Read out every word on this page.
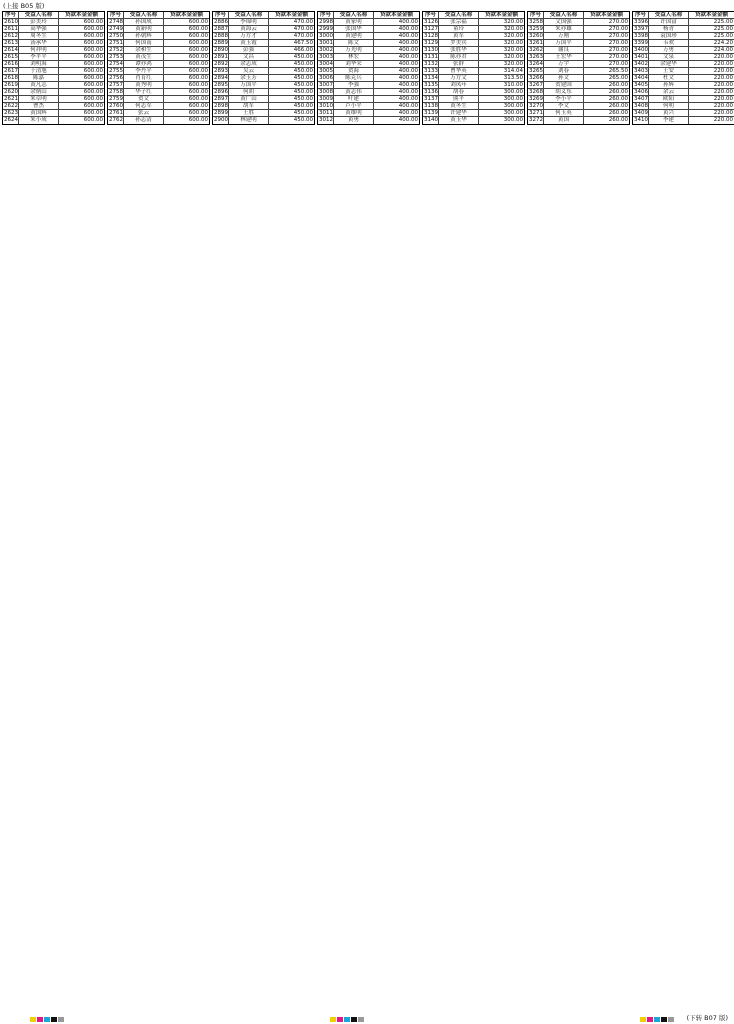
(上接 B05 版)
序号	受益人名称	贷款本金金额
2610	彭美玲	600.00
2611	高华强	600.00
2612	周冬生	600.00
2613	汤承华	600.00
2614	何祥明	600.00
2615	李平平	600.00
2616	刘明海	600.00
2617	于清旭	600.00
2618	陈嘉	600.00
2619	黄凡志	600.00
2620	余炳山	600.00
2621	朱卓明	600.00
2622	曹杰	600.00
2623	黄国辉	600.00
2624	朱小成	600.00
序号	受益人名称	贷款本金金额
2748	孙国成	600.00
2749	黄新明	600.00
2750	孙朝辉	600.00
2751	何国南	600.00
2752	余和生	600.00
2753	黄茂生	600.00
2754	谭亦鸿	600.00
2755	李丹平	600.00
2756	肖育红	600.00
2757	黄秀明	600.00
2758	华子红	600.00
2759	贺文	600.00
2760	何志军	600.00
2761	张云	600.00
2762	孙志清	600.00
序号	受益人名称	贷款本金金额
2886	李锦明	470.00
2887	黄海云	470.00
2888	万方才	470.00
2889	黄玉霞	467.50
2890	彭强	466.00
2891	文昌	450.00
2892	余志成	450.00
2893	吴云	450.00
2894	余玉芳	450.00
2895	万国平	450.00
2896	何胡	450.00
2897	黄广山	450.00
2898	胡军	450.00
2899	王胜	450.00
2900	林建明	450.00
序号	受益人名称	贷款本金金额
2998	黄家明	400.00
2999	张国华	400.00
3000	黄建明	400.00
3001	陈文	400.00
3002	万光明	400.00
3003	林宏	400.00
3004	刘华荣	400.00
3005	贺海	400.00
3006	陈克兵	400.00
3007	李强	400.00
3008	黄志伟	400.00
3009	叶建	400.00
3010	卢小平	400.00
3011	黄维明	400.00
3012	黄勇	400.00
序号	受益人名称	贷款本金金额
3126	张宗福	320.00
3127	童玲	320.00
3128	黄军	320.00
3129	罗美宾	320.00
3130	张胜华	320.00
3131	陈亦君	320.00
3132	张群	320.00
3133	曹华英	314.04
3134	万方文	313.50
3135	刘凤年	310.00
3136	胡春	300.00
3137	熊平	300.00
3138	黄冬生	300.00
3139	许建华	300.00
3140	黄玉华	300.00
序号	受益人名称	贷款本金金额
3258	文国强	270.00
3259	朱亦雄	270.00
3260	万刚	270.00
3261	万国平	270.00
3262	谢良	270.00
3263	王宏华	270.00
3264	万宇	270.00
3265	刘春	265.50
3266	孙文	265.00
3267	贺建国	260.00
3268	胡义东	260.00
3269	李小平	260.00
3270	李文	260.00
3271	何玉英	260.00
3272	黄国	260.00
序号	受益人名称	贷款本金金额
3396	许国富	225.00
3397	杨青	225.00
3398	袁国珍	225.00
3399	韦欢	224.20
3400	万勇	224.00
3401	文泉	220.00
3402	余建华	220.00
3403	王安	220.00
3404	杜文	220.00
3405	孙辉	220.00
3406	余云	220.00
3407	欧阳	220.00
3408	何明	220.00
3409	黄兴	220.00
3410	李建	220.00
(下转 B07 版)
